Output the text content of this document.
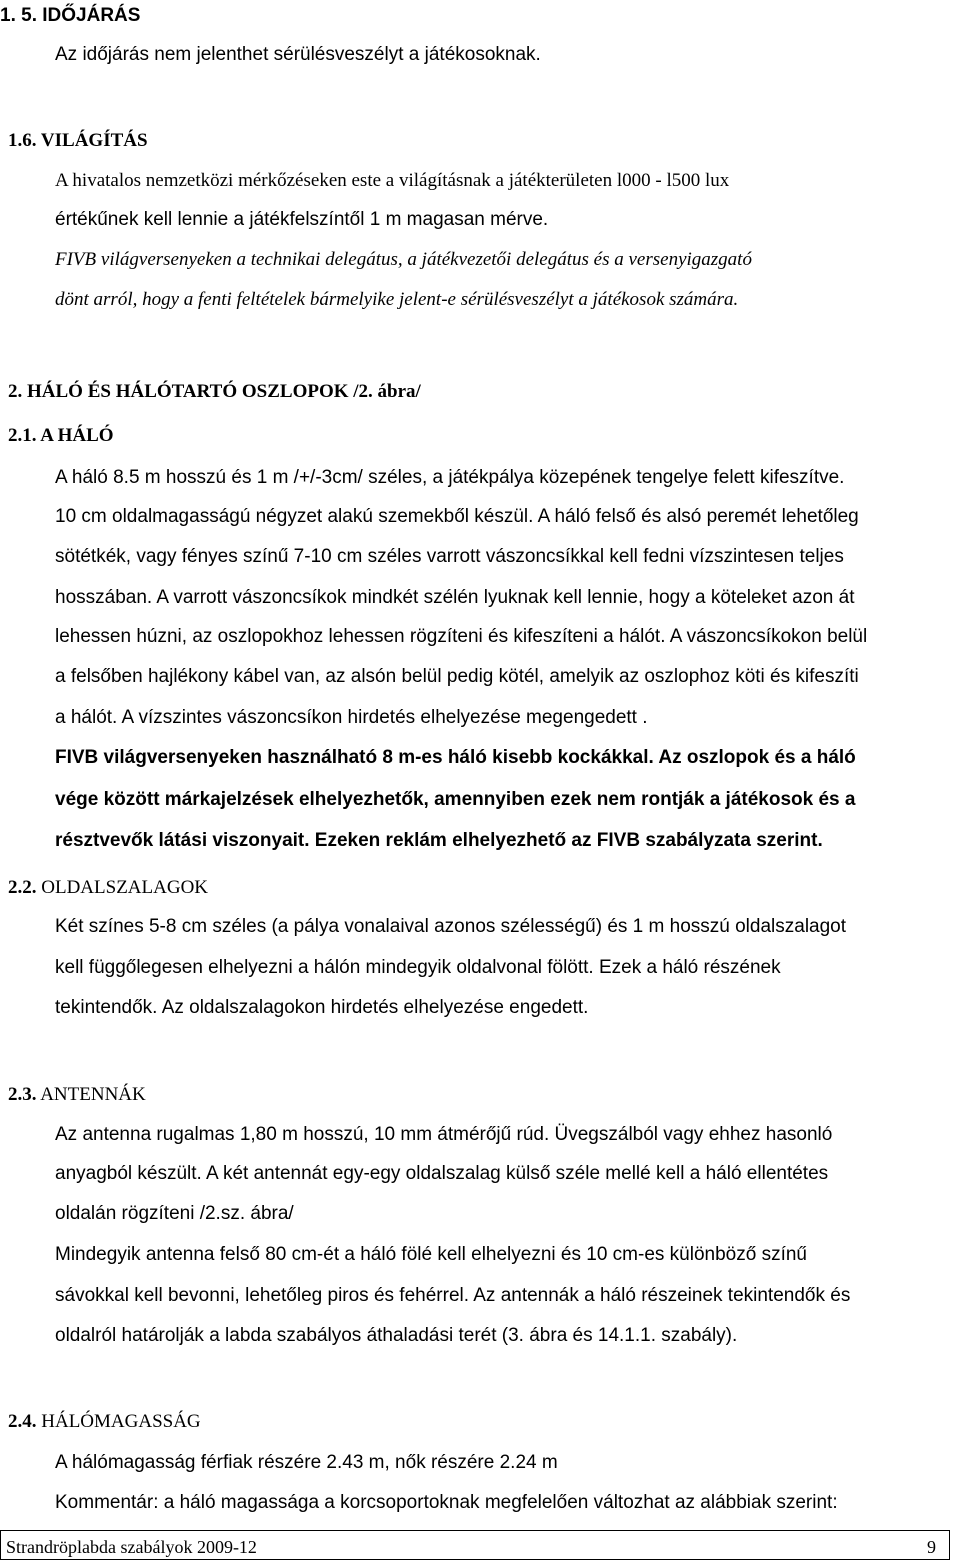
1. 5. IDŐJÁRÁS
Az időjárás nem jelenthet sérülésveszélyt a játékosoknak.
1.6. VILÁGÍTÁS
A hivatalos nemzetközi mérkőzéseken este a világításnak a játékterületen l000 - l500 lux
értékűnek kell lennie a játékfelszíntől 1 m magasan mérve.
FIVB világversenyeken a technikai delegátus, a játékvezetői delegátus és a versenyigazgató
dönt arról, hogy a fenti feltételek bármelyike jelent-e sérülésveszélyt a játékosok számára.
2. HÁLÓ ÉS HÁLÓTARTÓ OSZLOPOK /2. ábra/
2.1. A HÁLÓ
A háló 8.5 m hosszú és 1 m /+/-3cm/ széles, a játékpálya közepének tengelye felett kifeszítve.
10 cm oldalmagasságú négyzet alakú szemekből készül. A háló felső és alsó peremét lehetőleg
sötétkék, vagy fényes színű 7-10 cm széles varrott vászoncsíkkal kell fedni vízszintesen teljes
hosszában. A varrott vászoncsíkok mindkét szélén lyuknak kell lennie, hogy a köteleket azon át
lehessen húzni, az oszlopokhoz lehessen rögzíteni és kifeszíteni a hálót. A vászoncsíkokon belül
a felsőben hajlékony kábel van, az alsón belül pedig kötél, amelyik az oszlophoz köti és kifeszíti
a hálót. A vízszintes vászoncsíkon hirdetés elhelyezése megengedett .
FIVB világversenyeken használható 8 m-es háló kisebb kockákkal. Az oszlopok és a háló
vége között márkajelzések elhelyezhetők, amennyiben ezek nem rontják a játékosok és a
résztvevők látási viszonyait. Ezeken reklám elhelyezhető az FIVB szabályzata szerint.
2.2. OLDALSZALAGOK
Két színes 5-8 cm széles (a pálya vonalaival azonos szélességű) és 1 m hosszú oldalszalagot
kell függőlegesen elhelyezni a hálón mindegyik oldalvonal fölött. Ezek a háló részének
tekintendők. Az oldalszalagokon hirdetés elhelyezése engedett.
2.3. ANTENNÁK
Az antenna rugalmas 1,80 m hosszú, 10 mm átmérőjű rúd. Üvegszálból vagy ehhez hasonló
anyagból készült. A két antennát egy-egy oldalszalag külső széle mellé kell a háló ellentétes
oldalán rögzíteni /2.sz. ábra/
Mindegyik antenna felső 80 cm-ét a háló fölé kell elhelyezni és 10 cm-es különböző színű
sávokkal kell bevonni, lehetőleg piros és fehérrel. Az antennák a háló részeinek tekintendők és
oldalról határolják a labda szabályos áthaladási terét (3. ábra és 14.1.1. szabály).
2.4. HÁLÓMAGASSÁG
A hálómagasság férfiak részére 2.43 m, nők részére 2.24 m
Kommentár: a háló magassága a korcsoportoknak megfelelően változhat az alábbiak szerint:
Strandröplabda szabályok 2009-12	9
